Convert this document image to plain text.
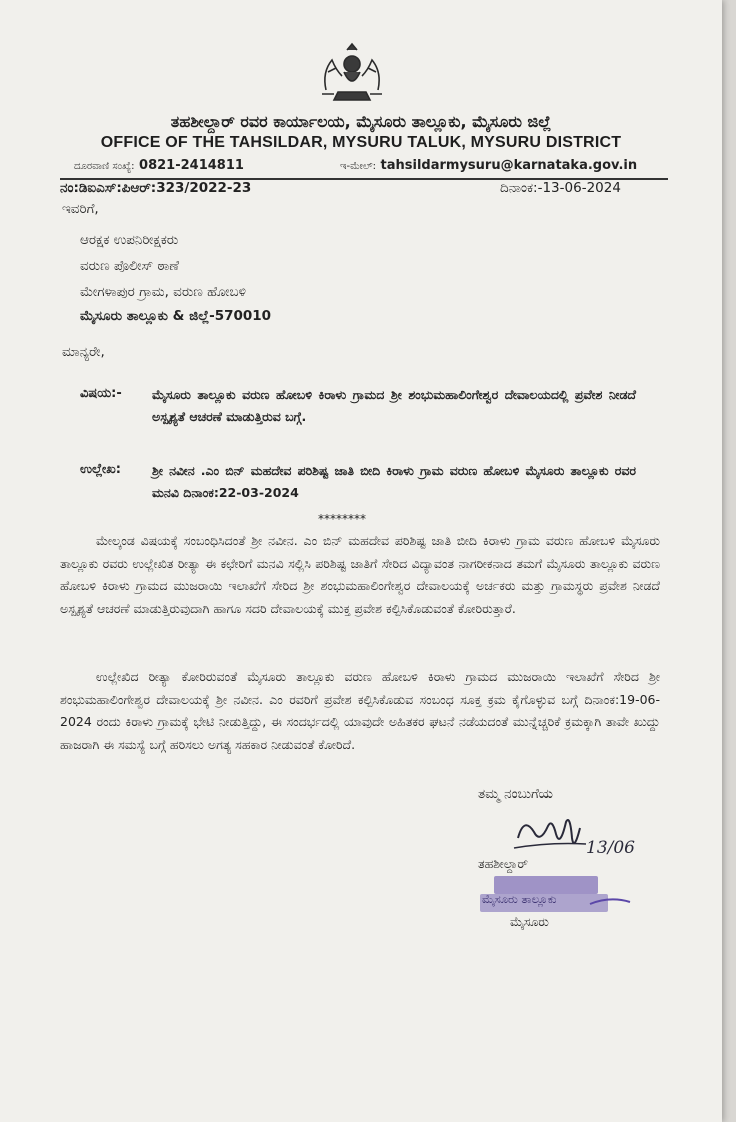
ತಹಶೀಲ್ದಾರ್ ರವರ ಕಾರ್ಯಾಲಯ, ಮೈಸೂರು ತಾಲ್ಲೂಕು, ಮೈಸೂರು ಜಿಲ್ಲೆ
OFFICE OF THE TAHSILDAR, MYSURU TALUK, MYSURU DISTRICT
ದೂರವಾಣಿ ಸಂಖ್ಯೆ: 0821-2414811	ಇ-ಮೇಲ್: tahsildarmysuru@karnataka.gov.in
ನಂ:ಡಿಐಎಸ್:ಪಿಆರ್:323/2022-23	ದಿನಾಂಕ:-13-06-2024
ಇವರಿಗೆ,
ಆರಕ್ಷಕ ಉಪನಿರೀಕ್ಷಕರು
ವರುಣ ಪೊಲೀಸ್ ಠಾಣೆ
ಮೇಗಳಾಪುರ ಗ್ರಾಮ, ವರುಣ ಹೋಬಳಿ
ಮೈಸೂರು ತಾಲ್ಲೂಕು & ಜಿಲ್ಲೆ-570010
ಮಾನ್ಯರೇ,
ವಿಷಯ:- ಮೈಸೂರು ತಾಲ್ಲೂಕು ವರುಣ ಹೋಬಳಿ ಕಿರಾಳು ಗ್ರಾಮದ ಶ್ರೀ ಶಂಭುಮಹಾಲಿಂಗೇಶ್ವರ ದೇವಾಲಯದಲ್ಲಿ ಪ್ರವೇಶ ನೀಡದೆ ಅಸ್ಪೃಶ್ಯತೆ ಆಚರಣೆ ಮಾಡುತ್ತಿರುವ ಬಗ್ಗೆ.
ಉಲ್ಲೇಖ: ಶ್ರೀ ನವೀನ .ಎಂ ಬಿನ್ ಮಹದೇವ ಪರಿಶಿಷ್ಟ ಜಾತಿ ಬೀದಿ ಕಿರಾಳು ಗ್ರಾಮ ವರುಣ ಹೋಬಳಿ ಮೈಸೂರು ತಾಲ್ಲೂಕು ರವರ ಮನವಿ ದಿನಾಂಕ:22-03-2024
********
ಮೇಲ್ಕಂಡ ವಿಷಯಕ್ಕೆ ಸಂಬಂಧಿಸಿದಂತೆ ಶ್ರೀ ನವೀನ. ಎಂ ಬಿನ್ ಮಹದೇವ ಪರಿಶಿಷ್ಟ ಜಾತಿ ಬೀದಿ ಕಿರಾಳು ಗ್ರಾಮ ವರುಣ ಹೋಬಳಿ ಮೈಸೂರು ತಾಲ್ಲೂಕು ರವರು ಉಲ್ಲೇಖಿತ ರೀತ್ಯಾ ಈ ಕಛೇರಿಗೆ ಮನವಿ ಸಲ್ಲಿಸಿ ಪರಿಶಿಷ್ಟ ಜಾತಿಗೆ ಸೇರಿದ ವಿದ್ಯಾವಂತ ನಾಗರೀಕನಾದ ತಮಗೆ ಮೈಸೂರು ತಾಲ್ಲೂಕು ವರುಣ ಹೋಬಳಿ ಕಿರಾಳು ಗ್ರಾಮದ ಮುಜರಾಯಿ ಇಲಾಖೆಗೆ ಸೇರಿದ ಶ್ರೀ ಶಂಭುಮಹಾಲಿಂಗೇಶ್ವರ ದೇವಾಲಯಕ್ಕೆ ಅರ್ಚಕರು ಮತ್ತು ಗ್ರಾಮಸ್ಥರು ಪ್ರವೇಶ ನೀಡದೆ ಅಸ್ಪೃಶ್ಯತೆ ಆಚರಣೆ ಮಾಡುತ್ತಿರುವುದಾಗಿ ಹಾಗೂ ಸದರಿ ದೇವಾಲಯಕ್ಕೆ ಮುಕ್ತ ಪ್ರವೇಶ ಕಲ್ಪಿಸಿಕೊಡುವಂತೆ ಕೋರಿರುತ್ತಾರೆ.
ಉಲ್ಲೇಖಿದ ರೀತ್ಯಾ ಕೋರಿರುವಂತೆ ಮೈಸೂರು ತಾಲ್ಲೂಕು ವರುಣ ಹೋಬಳಿ ಕಿರಾಳು ಗ್ರಾಮದ ಮುಜರಾಯಿ ಇಲಾಖೆಗೆ ಸೇರಿದ ಶ್ರೀ ಶಂಭುಮಹಾಲಿಂಗೇಶ್ವರ ದೇವಾಲಯಕ್ಕೆ ಶ್ರೀ ನವೀನ. ಎಂ ರವರಿಗೆ ಪ್ರವೇಶ ಕಲ್ಪಿಸಿಕೊಡುವ ಸಂಬಂಧ ಸೂಕ್ತ ಕ್ರಮ ಕೈಗೊಳ್ಳುವ ಬಗ್ಗೆ ದಿನಾಂಕ:19-06-2024 ರಂದು ಕಿರಾಳು ಗ್ರಾಮಕ್ಕೆ ಭೇಟಿ ನೀಡುತ್ತಿದ್ದು, ಈ ಸಂದರ್ಭದಲ್ಲಿ ಯಾವುದೇ ಅಹಿತಕರ ಘಟನೆ ನಡೆಯದಂತೆ ಮುನ್ನೆಚ್ಚರಿಕೆ ಕ್ರಮಕ್ಕಾಗಿ ತಾವೇ ಖುದ್ದು ಹಾಜರಾಗಿ ಈ ಸಮಸ್ಯೆ ಬಗ್ಗೆ ಹರಿಸಲು ಅಗತ್ಯ ಸಹಕಾರ ನೀಡುವಂತೆ ಕೋರಿದೆ.
ತಮ್ಮ ನಂಬುಗೆಯ
13/06
ತಹಶೀಲ್ದಾರ್
ಮೈಸೂರು ತಾಲ್ಲೂಕು
ಮೈಸೂರು
